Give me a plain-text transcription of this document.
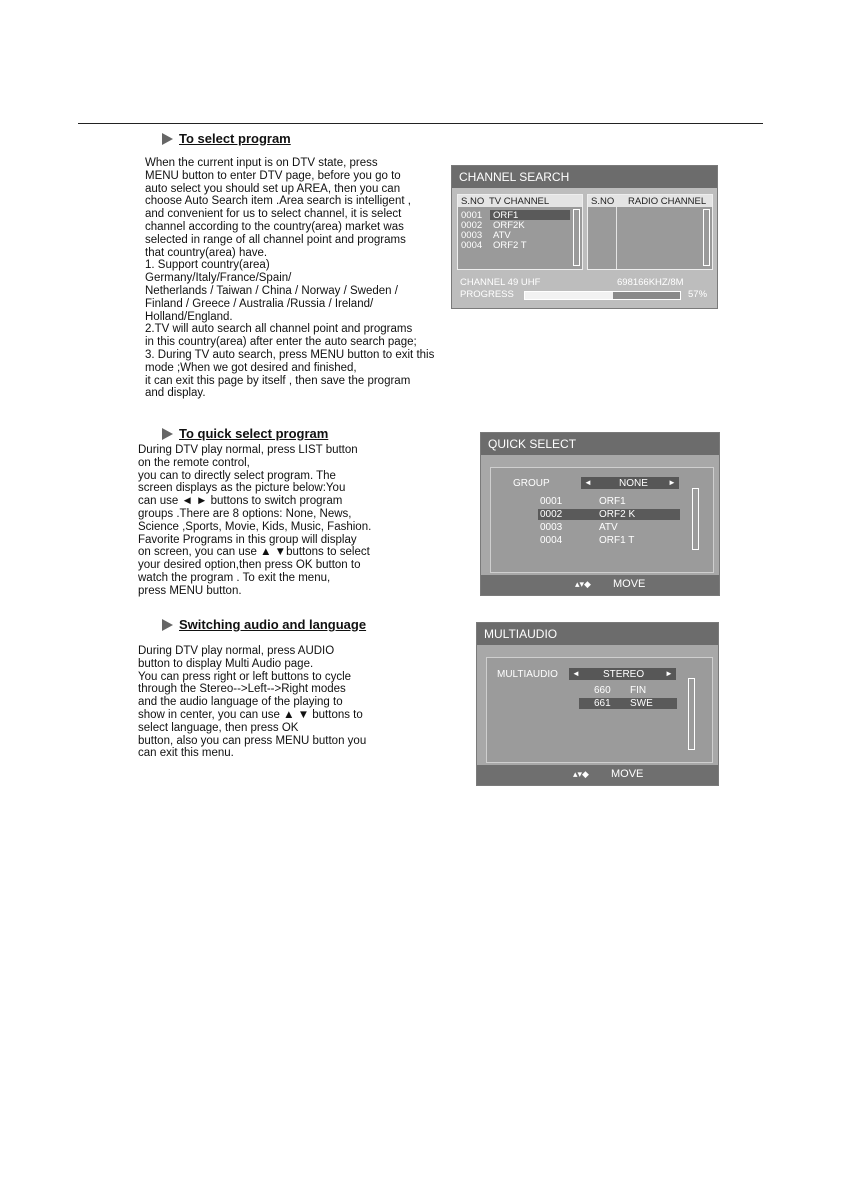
To select program
When the current input is on DTV state, press
MENU button to enter DTV page, before you go to
auto select you should set up AREA, then you can
choose Auto Search item .Area search is intelligent ,
and convenient for us to select channel, it is select
channel according to the country(area) market was
selected in range of all channel point and programs
that country(area) have.
1. Support country(area)
Germany/Italy/France/Spain/
Netherlands / Taiwan / China / Norway / Sweden /
Finland / Greece / Australia /Russia / Ireland/
Holland/England.
2.TV will auto search all channel point and programs
in this country(area) after enter the auto search page;
3. During TV auto search, press MENU button to exit this
mode ;When we got desired and finished,
it can exit this page by itself , then save the program
and display.
To quick select program
During DTV play normal, press LIST button
on the remote control,
you can to directly select program. The
screen displays as the picture below:You
can use ◄ ► buttons to switch program
groups .There are 8 options: None, News,
Science ,Sports, Movie, Kids, Music, Fashion.
Favorite Programs in this group will display
on screen, you can use ▲ ▼buttons to select
your desired option,then press OK button to
watch the program . To exit the menu,
press MENU button.
Switching audio and language
During DTV play normal, press AUDIO
button to display Multi Audio page.
You can press right or left buttons to cycle
through the Stereo-->Left-->Right modes
and the audio language of the playing to
show in center, you can use ▲ ▼ buttons to
select language, then press OK
button, also you can press MENU button you
can exit this menu.
CHANNEL SEARCH
S.NO TV CHANNEL
0001 ORF1
0002 ORF2K
0003 ATV
0004 ORF2 T
S.NO RADIO CHANNEL
CHANNEL 49 UHF	698166KHZ/8M
PROGRESS	57%
QUICK SELECT
GROUP	◄	NONE	►
0001	ORF1
0002	ORF2 K
0003	ATV
0004	ORF1 T
▴▾◆ MOVE
MULTIAUDIO
MULTIAUDIO	◄	STEREO	►
660 FIN
661 SWE
▴▾◆ MOVE
